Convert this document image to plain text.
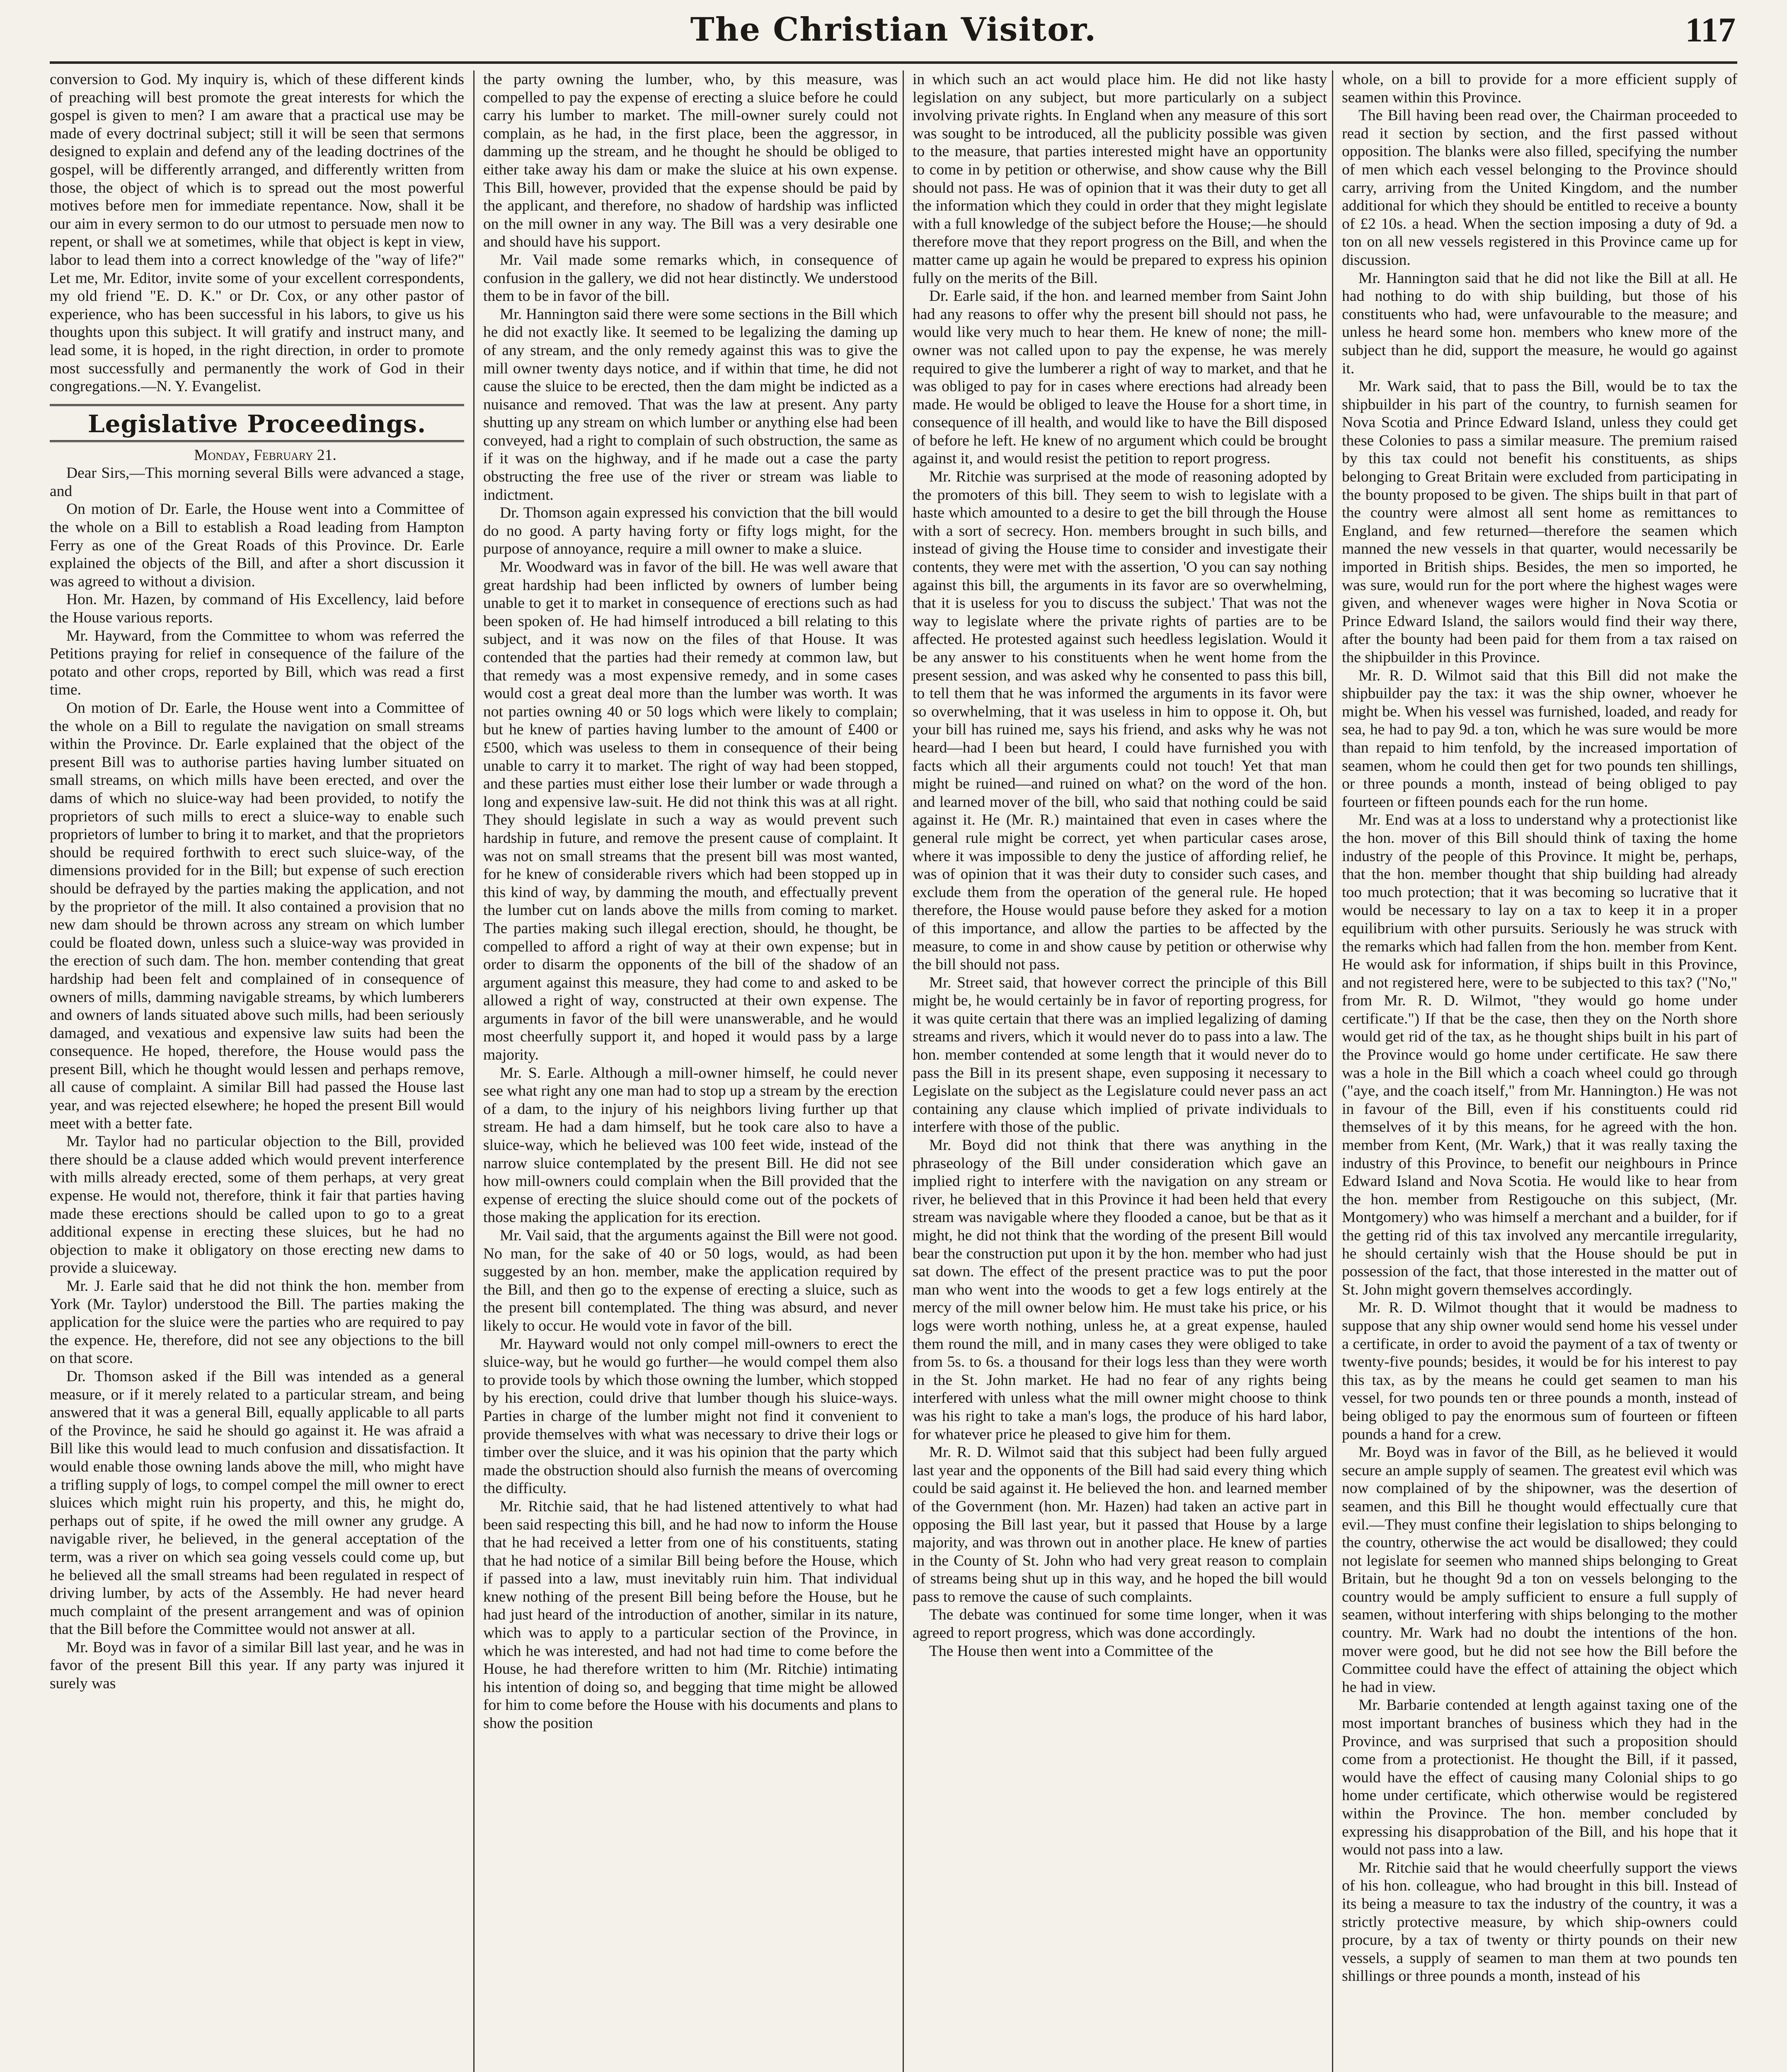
The Christian Visitor.	117

conversion to God. My inquiry is, which of these different kinds of preaching will best promote the great interests for which the gospel is given to men? I am aware that a practical use may be made of every doctrinal subject; still it will be seen that sermons designed to explain and defend any of the leading doctrines of the gospel, will be differently arranged, and differently written from those, the object of which is to spread out the most powerful motives before men for immediate repentance. Now, shall it be our aim in every sermon to do our utmost to persuade men now to repent, or shall we at sometimes, while that object is kept in view, labor to lead them into a correct knowledge of the "way of life?" Let me, Mr. Editor, invite some of your excellent correspondents, my old friend "E. D. K." or Dr. Cox, or any other pastor of experience, who has been successful in his labors, to give us his thoughts upon this subject. It will gratify and instruct many, and lead some, it is hoped, in the right direction, in order to promote most successfully and permanently the work of God in their congregations.—N. Y. Evangelist.

Legislative Proceedings.

Monday, February 21.

Dear Sirs,—This morning several Bills were advanced a stage, and

On motion of Dr. Earle, the House went into a Committee of the whole on a Bill to establish a Road leading from Hampton Ferry as one of the Great Roads of this Province. Dr. Earle explained the objects of the Bill, and after a short discussion it was agreed to without a division.

Hon. Mr. Hazen, by command of His Excellency, laid before the House various reports.

Mr. Hayward, from the Committee to whom was referred the Petitions praying for relief in consequence of the failure of the potato and other crops, reported by Bill, which was read a first time.

On motion of Dr. Earle, the House went into a Committee of the whole on a Bill to regulate the navigation on small streams within the Province. Dr. Earle explained that the object of the present Bill was to authorise parties having lumber situated on small streams, on which mills have been erected, and over the dams of which no sluice-way had been provided, to notify the proprietors of such mills to erect a sluice-way to enable such proprietors of lumber to bring it to market, and that the proprietors should be required forthwith to erect such sluice-way, of the dimensions provided for in the Bill; but expense of such erection should be defrayed by the parties making the application, and not by the proprietor of the mill. It also contained a provision that no new dam should be thrown across any stream on which lumber could be floated down, unless such a sluice-way was provided in the erection of such dam. The hon. member contending that great hardship had been felt and complained of in consequence of owners of mills, damming navigable streams, by which lumberers and owners of lands situated above such mills, had been seriously damaged, and vexatious and expensive law suits had been the consequence. He hoped, therefore, the House would pass the present Bill, which he thought would lessen and perhaps remove, all cause of complaint. A similar Bill had passed the House last year, and was rejected elsewhere; he hoped the present Bill would meet with a better fate.

Mr. Taylor had no particular objection to the Bill, provided there should be a clause added which would prevent interference with mills already erected, some of them perhaps, at very great expense. He would not, therefore, think it fair that parties having made these erections should be called upon to go to a great additional expense in erecting these sluices, but he had no objection to make it obligatory on those erecting new dams to provide a sluiceway.

Mr. J. Earle said that he did not think the hon. member from York (Mr. Taylor) understood the Bill. The parties making the application for the sluice were the parties who are required to pay the expence. He, therefore, did not see any objections to the bill on that score.

Dr. Thomson asked if the Bill was intended as a general measure, or if it merely related to a particular stream, and being answered that it was a general Bill, equally applicable to all parts of the Province, he said he should go against it. He was afraid a Bill like this would lead to much confusion and dissatisfaction. It would enable those owning lands above the mill, who might have a trifling supply of logs, to compel compel the mill owner to erect sluices which might ruin his property, and this, he might do, perhaps out of spite, if he owed the mill owner any grudge. A navigable river, he believed, in the general acceptation of the term, was a river on which sea going vessels could come up, but he believed all the small streams had been regulated in respect of driving lumber, by acts of the Assembly. He had never heard much complaint of the present arrangement and was of opinion that the Bill before the Committee would not answer at all.

Mr. Boyd was in favor of a similar Bill last year, and he was in favor of the present Bill this year. If any party was injured it surely was

the party owning the lumber, who, by this measure, was compelled to pay the expense of erecting a sluice before he could carry his lumber to market. The mill-owner surely could not complain, as he had, in the first place, been the aggressor, in damming up the stream, and he thought he should be obliged to either take away his dam or make the sluice at his own expense. This Bill, however, provided that the expense should be paid by the applicant, and therefore, no shadow of hardship was inflicted on the mill owner in any way. The Bill was a very desirable one and should have his support.

Mr. Vail made some remarks which, in consequence of confusion in the gallery, we did not hear distinctly. We understood them to be in favor of the bill.

Mr. Hannington said there were some sections in the Bill which he did not exactly like. It seemed to be legalizing the daming up of any stream, and the only remedy against this was to give the mill owner twenty days notice, and if within that time, he did not cause the sluice to be erected, then the dam might be indicted as a nuisance and removed. That was the law at present. Any party shutting up any stream on which lumber or anything else had been conveyed, had a right to complain of such obstruction, the same as if it was on the highway, and if he made out a case the party obstructing the free use of the river or stream was liable to indictment.

Dr. Thomson again expressed his conviction that the bill would do no good. A party having forty or fifty logs might, for the purpose of annoyance, require a mill owner to make a sluice.

Mr. Woodward was in favor of the bill. He was well aware that great hardship had been inflicted by owners of lumber being unable to get it to market in consequence of erections such as had been spoken of. He had himself introduced a bill relating to this subject, and it was now on the files of that House. It was contended that the parties had their remedy at common law, but that remedy was a most expensive remedy, and in some cases would cost a great deal more than the lumber was worth. It was not parties owning 40 or 50 logs which were likely to complain; but he knew of parties having lumber to the amount of £400 or £500, which was useless to them in consequence of their being unable to carry it to market. The right of way had been stopped, and these parties must either lose their lumber or wade through a long and expensive law-suit. He did not think this was at all right. They should legislate in such a way as would prevent such hardship in future, and remove the present cause of complaint. It was not on small streams that the present bill was most wanted, for he knew of considerable rivers which had been stopped up in this kind of way, by damming the mouth, and effectually prevent the lumber cut on lands above the mills from coming to market. The parties making such illegal erection, should, he thought, be compelled to afford a right of way at their own expense; but in order to disarm the opponents of the bill of the shadow of an argument against this measure, they had come to and asked to be allowed a right of way, constructed at their own expense. The arguments in favor of the bill were unanswerable, and he would most cheerfully support it, and hoped it would pass by a large majority.

Mr. S. Earle. Although a mill-owner himself, he could never see what right any one man had to stop up a stream by the erection of a dam, to the injury of his neighbors living further up that stream. He had a dam himself, but he took care also to have a sluice-way, which he believed was 100 feet wide, instead of the narrow sluice contemplated by the present Bill. He did not see how mill-owners could complain when the Bill provided that the expense of erecting the sluice should come out of the pockets of those making the application for its erection.

Mr. Vail said, that the arguments against the Bill were not good. No man, for the sake of 40 or 50 logs, would, as had been suggested by an hon. member, make the application required by the Bill, and then go to the expense of erecting a sluice, such as the present bill contemplated. The thing was absurd, and never likely to occur. He would vote in favor of the bill.

Mr. Hayward would not only compel mill-owners to erect the sluice-way, but he would go further—he would compel them also to provide tools by which those owning the lumber, which stopped by his erection, could drive that lumber though his sluice-ways. Parties in charge of the lumber might not find it convenient to provide themselves with what was necessary to drive their logs or timber over the sluice, and it was his opinion that the party which made the obstruction should also furnish the means of overcoming the difficulty.

Mr. Ritchie said, that he had listened attentively to what had been said respecting this bill, and he had now to inform the House that he had received a letter from one of his constituents, stating that he had notice of a similar Bill being before the House, which if passed into a law, must inevitably ruin him. That individual knew nothing of the present Bill being before the House, but he had just heard of the introduction of another, similar in its nature, which was to apply to a particular section of the Province, in which he was interested, and had not had time to come before the House, he had therefore written to him (Mr. Ritchie) intimating his intention of doing so, and begging that time might be allowed for him to come before the House with his documents and plans to show the position

in which such an act would place him. He did not like hasty legislation on any subject, but more particularly on a subject involving private rights. In England when any measure of this sort was sought to be introduced, all the publicity possible was given to the measure, that parties interested might have an opportunity to come in by petition or otherwise, and show cause why the Bill should not pass. He was of opinion that it was their duty to get all the information which they could in order that they might legislate with a full knowledge of the subject before the House;—he should therefore move that they report progress on the Bill, and when the matter came up again he would be prepared to express his opinion fully on the merits of the Bill.

Dr. Earle said, if the hon. and learned member from Saint John had any reasons to offer why the present bill should not pass, he would like very much to hear them. He knew of none; the mill-owner was not called upon to pay the expense, he was merely required to give the lumberer a right of way to market, and that he was obliged to pay for in cases where erections had already been made. He would be obliged to leave the House for a short time, in consequence of ill health, and would like to have the Bill disposed of before he left. He knew of no argument which could be brought against it, and would resist the petition to report progress.

Mr. Ritchie was surprised at the mode of reasoning adopted by the promoters of this bill. They seem to wish to legislate with a haste which amounted to a desire to get the bill through the House with a sort of secrecy. Hon. members brought in such bills, and instead of giving the House time to consider and investigate their contents, they were met with the assertion, 'O you can say nothing against this bill, the arguments in its favor are so overwhelming, that it is useless for you to discuss the subject.' That was not the way to legislate where the private rights of parties are to be affected. He protested against such heedless legislation. Would it be any answer to his constituents when he went home from the present session, and was asked why he consented to pass this bill, to tell them that he was informed the arguments in its favor were so overwhelming, that it was useless in him to oppose it. Oh, but your bill has ruined me, says his friend, and asks why he was not heard—had I been but heard, I could have furnished you with facts which all their arguments could not touch! Yet that man might be ruined—and ruined on what? on the word of the hon. and learned mover of the bill, who said that nothing could be said against it. He (Mr. R.) maintained that even in cases where the general rule might be correct, yet when particular cases arose, where it was impossible to deny the justice of affording relief, he was of opinion that it was their duty to consider such cases, and exclude them from the operation of the general rule. He hoped therefore, the House would pause before they asked for a motion of this importance, and allow the parties to be affected by the measure, to come in and show cause by petition or otherwise why the bill should not pass.

Mr. Street said, that however correct the principle of this Bill might be, he would certainly be in favor of reporting progress, for it was quite certain that there was an implied legalizing of daming streams and rivers, which it would never do to pass into a law. The hon. member contended at some length that it would never do to pass the Bill in its present shape, even supposing it necessary to Legislate on the subject as the Legislature could never pass an act containing any clause which implied of private individuals to interfere with those of the public.

Mr. Boyd did not think that there was anything in the phraseology of the Bill under consideration which gave an implied right to interfere with the navigation on any stream or river, he believed that in this Province it had been held that every stream was navigable where they flooded a canoe, but be that as it might, he did not think that the wording of the present Bill would bear the construction put upon it by the hon. member who had just sat down. The effect of the present practice was to put the poor man who went into the woods to get a few logs entirely at the mercy of the mill owner below him. He must take his price, or his logs were worth nothing, unless he, at a great expense, hauled them round the mill, and in many cases they were obliged to take from 5s. to 6s. a thousand for their logs less than they were worth in the St. John market. He had no fear of any rights being interfered with unless what the mill owner might choose to think was his right to take a man's logs, the produce of his hard labor, for whatever price he pleased to give him for them.

Mr. R. D. Wilmot said that this subject had been fully argued last year and the opponents of the Bill had said every thing which could be said against it. He believed the hon. and learned member of the Government (hon. Mr. Hazen) had taken an active part in opposing the Bill last year, but it passed that House by a large majority, and was thrown out in another place. He knew of parties in the County of St. John who had very great reason to complain of streams being shut up in this way, and he hoped the bill would pass to remove the cause of such complaints.

The debate was continued for some time longer, when it was agreed to report progress, which was done accordingly.

The House then went into a Committee of the

whole, on a bill to provide for a more efficient supply of seamen within this Province.

The Bill having been read over, the Chairman proceeded to read it section by section, and the first passed without opposition. The blanks were also filled, specifying the number of men which each vessel belonging to the Province should carry, arriving from the United Kingdom, and the number additional for which they should be entitled to receive a bounty of £2 10s. a head. When the section imposing a duty of 9d. a ton on all new vessels registered in this Province came up for discussion.

Mr. Hannington said that he did not like the Bill at all. He had nothing to do with ship building, but those of his constituents who had, were unfavourable to the measure; and unless he heard some hon. members who knew more of the subject than he did, support the measure, he would go against it.

Mr. Wark said, that to pass the Bill, would be to tax the shipbuilder in his part of the country, to furnish seamen for Nova Scotia and Prince Edward Island, unless they could get these Colonies to pass a similar measure. The premium raised by this tax could not benefit his constituents, as ships belonging to Great Britain were excluded from participating in the bounty proposed to be given. The ships built in that part of the country were almost all sent home as remittances to England, and few returned—therefore the seamen which manned the new vessels in that quarter, would necessarily be imported in British ships. Besides, the men so imported, he was sure, would run for the port where the highest wages were given, and whenever wages were higher in Nova Scotia or Prince Edward Island, the sailors would find their way there, after the bounty had been paid for them from a tax raised on the shipbuilder in this Province.

Mr. R. D. Wilmot said that this Bill did not make the shipbuilder pay the tax: it was the ship owner, whoever he might be. When his vessel was furnished, loaded, and ready for sea, he had to pay 9d. a ton, which he was sure would be more than repaid to him tenfold, by the increased importation of seamen, whom he could then get for two pounds ten shillings, or three pounds a month, instead of being obliged to pay fourteen or fifteen pounds each for the run home.

Mr. End was at a loss to understand why a protectionist like the hon. mover of this Bill should think of taxing the home industry of the people of this Province. It might be, perhaps, that the hon. member thought that ship building had already too much protection; that it was becoming so lucrative that it would be necessary to lay on a tax to keep it in a proper equilibrium with other pursuits. Seriously he was struck with the remarks which had fallen from the hon. member from Kent. He would ask for information, if ships built in this Province, and not registered here, were to be subjected to this tax? ("No," from Mr. R. D. Wilmot, "they would go home under certificate.") If that be the case, then they on the North shore would get rid of the tax, as he thought ships built in his part of the Province would go home under certificate. He saw there was a hole in the Bill which a coach wheel could go through ("aye, and the coach itself," from Mr. Hannington.) He was not in favour of the Bill, even if his constituents could rid themselves of it by this means, for he agreed with the hon. member from Kent, (Mr. Wark,) that it was really taxing the industry of this Province, to benefit our neighbours in Prince Edward Island and Nova Scotia. He would like to hear from the hon. member from Restigouche on this subject, (Mr. Montgomery) who was himself a merchant and a builder, for if the getting rid of this tax involved any mercantile irregularity, he should certainly wish that the House should be put in possession of the fact, that those interested in the matter out of St. John might govern themselves accordingly.

Mr. R. D. Wilmot thought that it would be madness to suppose that any ship owner would send home his vessel under a certificate, in order to avoid the payment of a tax of twenty or twenty-five pounds; besides, it would be for his interest to pay this tax, as by the means he could get seamen to man his vessel, for two pounds ten or three pounds a month, instead of being obliged to pay the enormous sum of fourteen or fifteen pounds a hand for a crew.

Mr. Boyd was in favor of the Bill, as he believed it would secure an ample supply of seamen. The greatest evil which was now complained of by the shipowner, was the desertion of seamen, and this Bill he thought would effectually cure that evil.—They must confine their legislation to ships belonging to the country, otherwise the act would be disallowed; they could not legislate for seemen who manned ships belonging to Great Britain, but he thought 9d a ton on vessels belonging to the country would be amply sufficient to ensure a full supply of seamen, without interfering with ships belonging to the mother country. Mr. Wark had no doubt the intentions of the hon. mover were good, but he did not see how the Bill before the Committee could have the effect of attaining the object which he had in view.

Mr. Barbarie contended at length against taxing one of the most important branches of business which they had in the Province, and was surprised that such a proposition should come from a protectionist. He thought the Bill, if it passed, would have the effect of causing many Colonial ships to go home under certificate, which otherwise would be registered within the Province. The hon. member concluded by expressing his disapprobation of the Bill, and his hope that it would not pass into a law.

Mr. Ritchie said that he would cheerfully support the views of his hon. colleague, who had brought in this bill. Instead of its being a measure to tax the industry of the country, it was a strictly protective measure, by which ship-owners could procure, by a tax of twenty or thirty pounds on their new vessels, a supply of seamen to man them at two pounds ten shillings or three pounds a month, instead of his
